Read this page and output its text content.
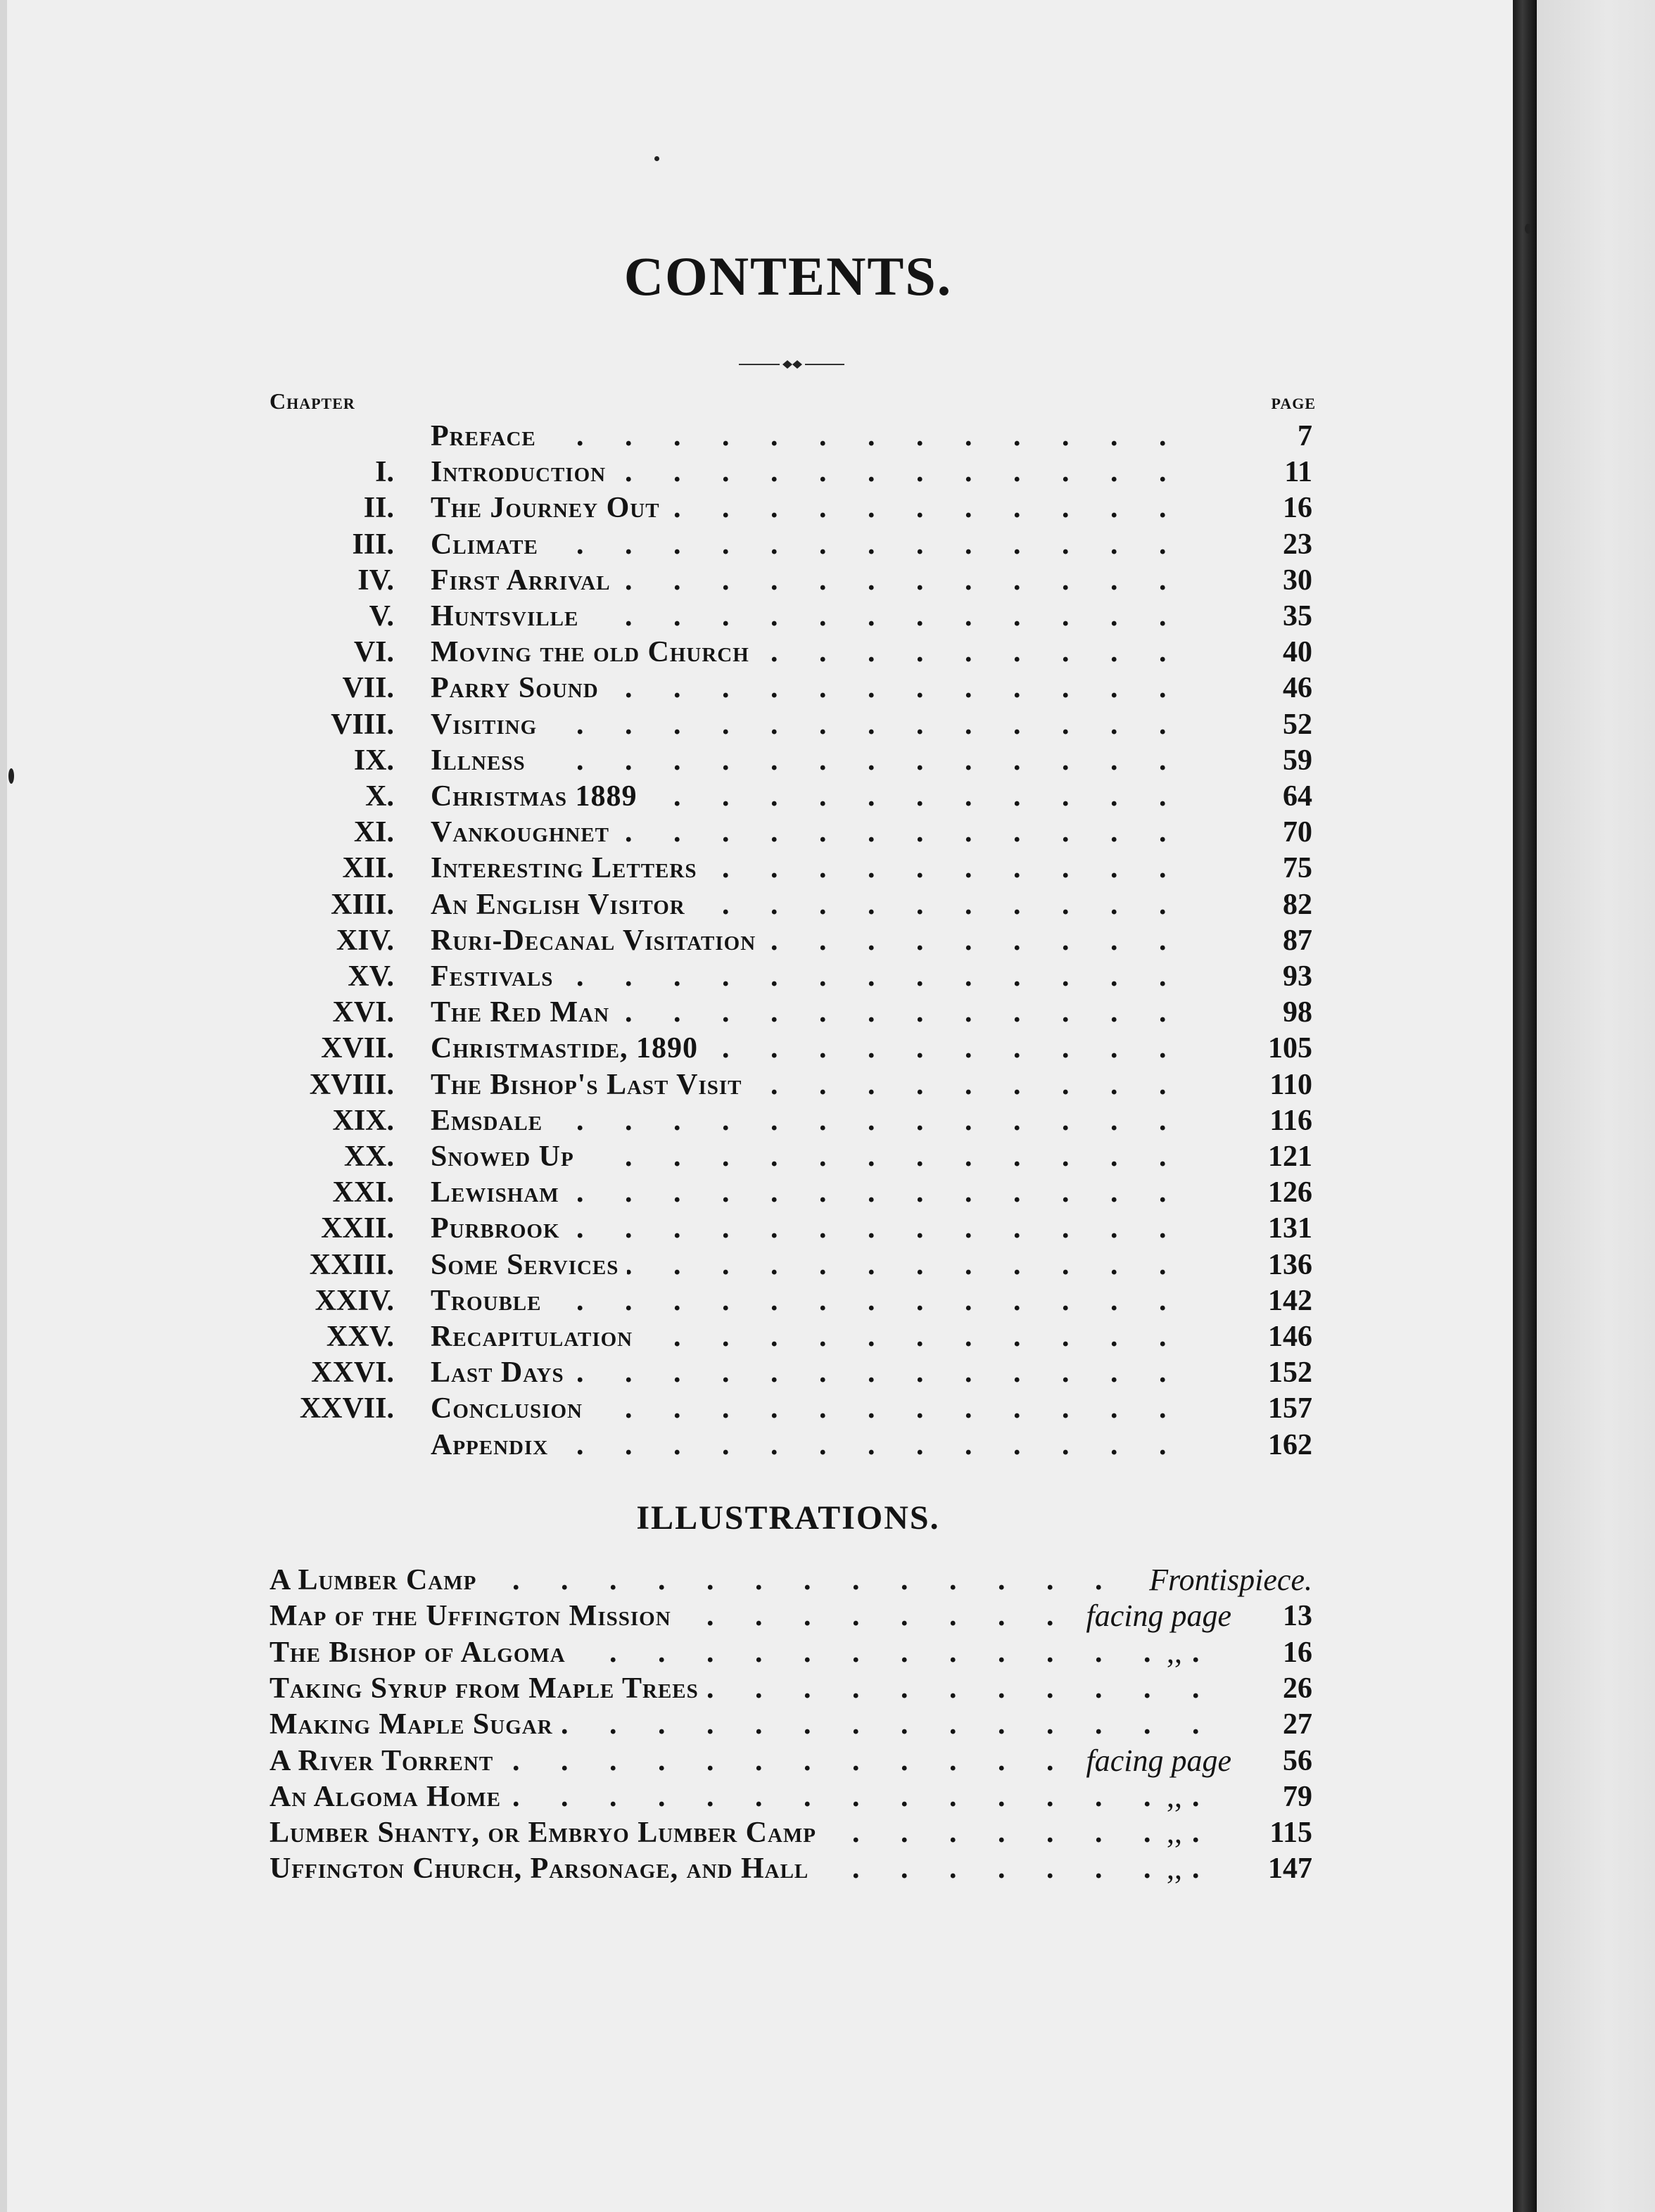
CONTENTS.
Chapter	page
Preface . . .	7
I. Introduction . . .	11
II. The Journey Out . . .	16
III. Climate . . .	23
IV. First Arrival . . .	30
V. Huntsville . . .	35
VI. Moving the old Church . . .	40
VII. Parry Sound . . .	46
VIII. Visiting . . .	52
IX. Illness . . .	59
X. Christmas 1889 . . .	64
XI. Vankoughnet . . .	70
XII. Interesting Letters . . .	75
XIII. An English Visitor . . .	82
XIV. Ruri-Decanal Visitation . . .	87
XV. Festivals . . .	93
XVI. The Red Man . . .	98
XVII. Christmastide, 1890 . . .	105
XVIII. The Bishop's Last Visit . . .	110
XIX. Emsdale . . .	116
XX. Snowed Up . . .	121
XXI. Lewisham . . .	126
XXII. Purbrook . . .	131
XXIII. Some Services . . .	136
XXIV. Trouble . . .	142
XXV. Recapitulation . . .	146
XXVI. Last Days . . .	152
XXVII. Conclusion . . .	157
Appendix . . .	162
ILLUSTRATIONS.
A Lumber Camp . . .	Frontispiece.
Map of the Uffington Mission . . .	facing page 13
The Bishop of Algoma . . .	,,	16
Taking Syrup from Maple Trees . . .	26
Making Maple Sugar . . .	27
A River Torrent . . .	facing page 56
An Algoma Home . . .	,,	79
Lumber Shanty, or Embryo Lumber Camp . . .	,,	115
Uffington Church, Parsonage, and Hall . . .	,,	147
